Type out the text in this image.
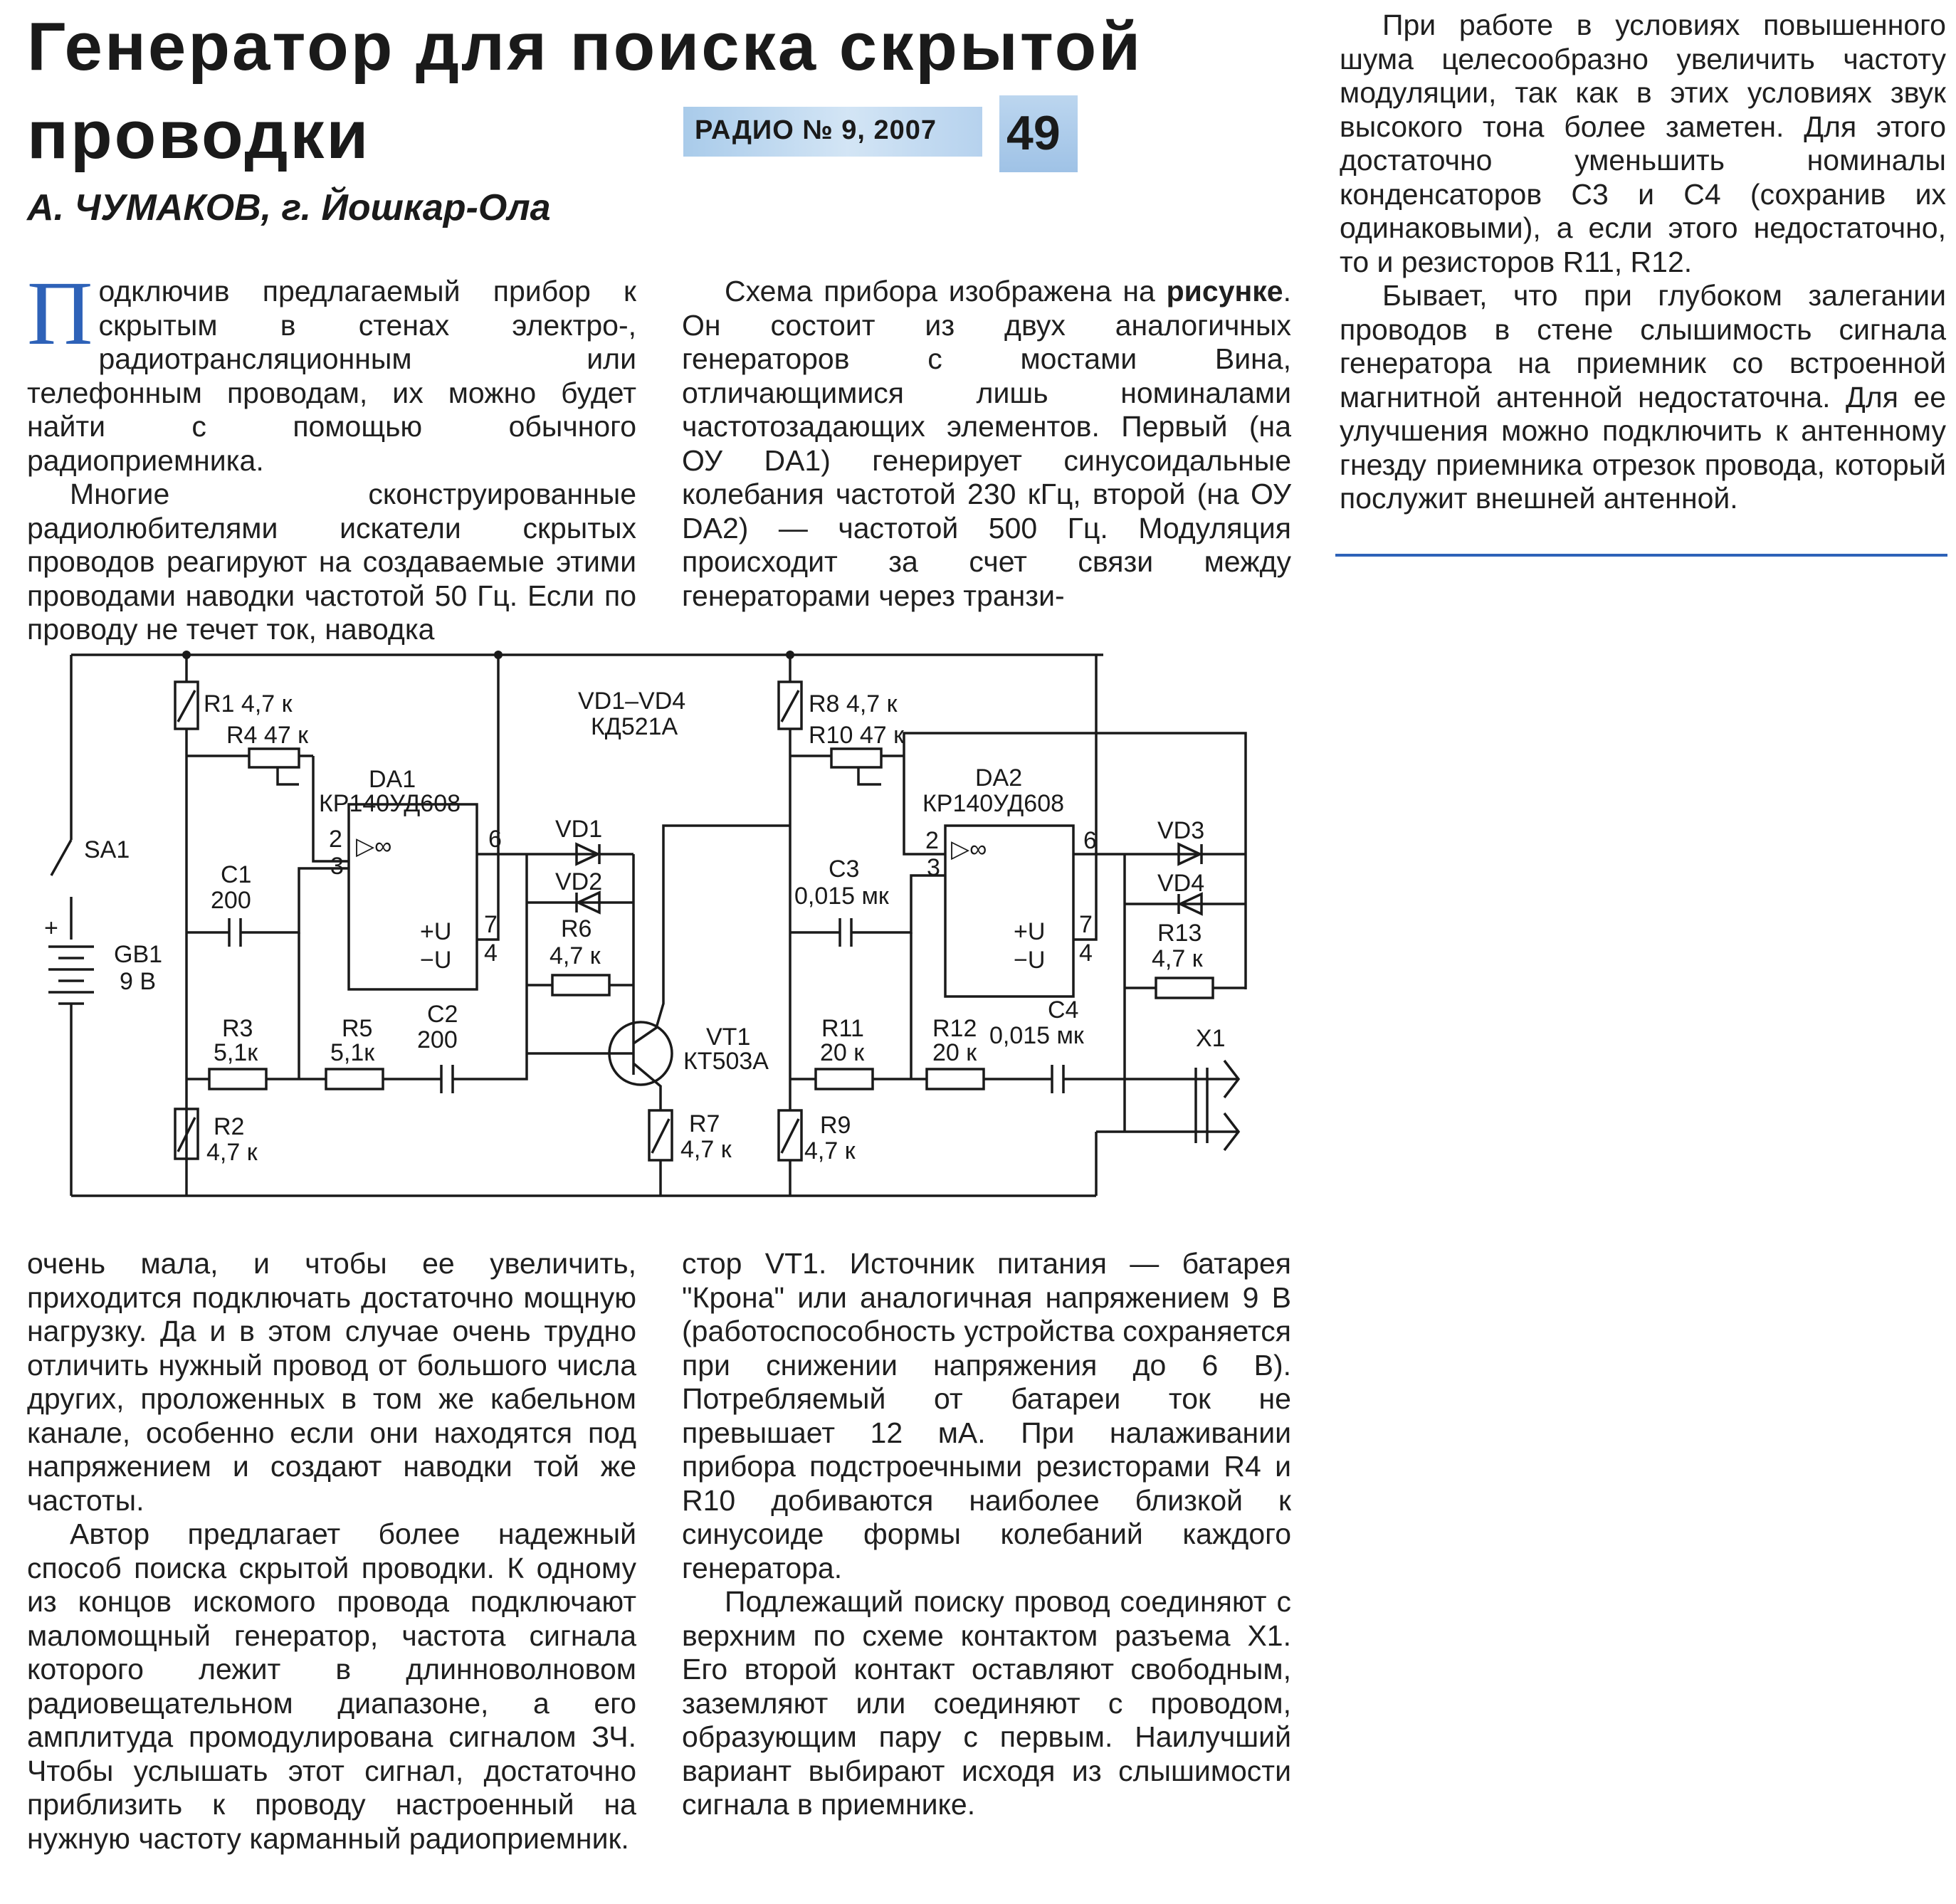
Генератор для поиска скрытой
проводки	РАДИО № 9, 2007 49
А. ЧУМАКОВ, г. Йошкар-Ола

Подключив предлагаемый прибор к скрытым в стенах электро-, радиотрансляционным или телефонным проводам, их можно будет найти с помощью обычного радиоприемника.

Многие сконструированные радиолюбителями искатели скрытых проводов реагируют на создаваемые этими проводами наводки частотой 50 Гц. Если по проводу не течет ток, наводка

Схема прибора изображена на рисунке. Он состоит из двух аналогичных генераторов с мостами Вина, отличающимися лишь номиналами частотозадающих элементов. Первый (на ОУ DA1) генерирует синусоидальные колебания частотой 230 кГц, второй (на ОУ DA2) — частотой 500 Гц. Модуляция происходит за счет связи между генераторами через транзи-

При работе в условиях повышенного шума целесообразно увеличить частоту модуляции, так как в этих условиях звук высокого тона более заметен. Для этого достаточно уменьшить номиналы конденсаторов С3 и С4 (сохранив их одинаковыми), а если этого недостаточно, то и резисторов R11, R12.

Бывает, что при глубоком залегании проводов в стене слышимость сигнала генератора на приемник со встроенной магнитной антенной недостаточна. Для ее улучшения можно подключить к антенному гнезду приемника отрезок провода, который послужит внешней антенной.

SA1
+
GB1
9 В
R1 4,7 к
R4 47 к
DA1
КР140УД608
▷∞
2
3
6
7
4
+U
−U
VD1–VD4
КД521А
VD1
VD2
R6
4,7 к
C1
200
R3
5,1к
R5
5,1к
C2
200
R2
4,7 к
VT1
КТ503А
R7
4,7 к
R8 4,7 к
R10 47 к
DA2
КР140УД608
▷∞
2
3
6
7
4
+U
−U
VD3
VD4
R13
4,7 к
C3
0,015 мк
R11
20 к
R12
20 к
C4
0,015 мк
R9
4,7 к
X1

очень мала, и чтобы ее увеличить, приходится подключать достаточно мощную нагрузку. Да и в этом случае очень трудно отличить нужный провод от большого числа других, проложенных в том же кабельном канале, особенно если они находятся под напряжением и создают наводки той же частоты.

Автор предлагает более надежный способ поиска скрытой проводки. К одному из концов искомого провода подключают маломощный генератор, частота сигнала которого лежит в длинноволновом радиовещательном диапазоне, а его амплитуда промодулирована сигналом ЗЧ. Чтобы услышать этот сигнал, достаточно приблизить к проводу настроенный на нужную частоту карманный радиоприемник.

стор VT1. Источник питания — батарея "Крона" или аналогичная напряжением 9 В (работоспособность устройства сохраняется при снижении напряжения до 6 В). Потребляемый от батареи ток не превышает 12 мА. При налаживании прибора подстроечными резисторами R4 и R10 добиваются наиболее близкой к синусоиде формы колебаний каждого генератора.

Подлежащий поиску провод соединяют с верхним по схеме контактом разъема X1. Его второй контакт оставляют свободным, заземляют или соединяют с проводом, образующим пару с первым. Наилучший вариант выбирают исходя из слышимости сигнала в приемнике.
